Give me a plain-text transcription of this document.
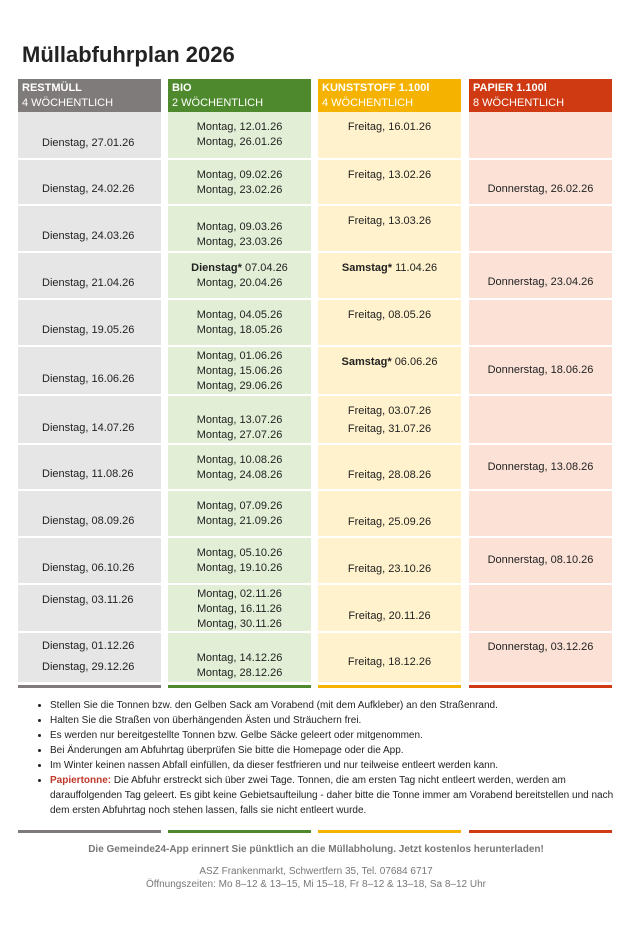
Müllabfuhrplan 2026
RESTMÜLL
4 WÖCHENTLICH
Dienstag, 27.01.26
Dienstag, 24.02.26
Dienstag, 24.03.26
Dienstag, 21.04.26
Dienstag, 19.05.26
Dienstag, 16.06.26
Dienstag, 14.07.26
Dienstag, 11.08.26
Dienstag, 08.09.26
Dienstag, 06.10.26
Dienstag, 03.11.26
Dienstag, 01.12.26
Dienstag, 29.12.26
BIO
2 WÖCHENTLICH
Montag, 12.01.26
Montag, 26.01.26
Montag, 09.02.26
Montag, 23.02.26
Montag, 09.03.26
Montag, 23.03.26
Dienstag* 07.04.26
Montag, 20.04.26
Montag, 04.05.26
Montag, 18.05.26
Montag, 01.06.26
Montag, 15.06.26
Montag, 29.06.26
Montag, 13.07.26
Montag, 27.07.26
Montag, 10.08.26
Montag, 24.08.26
Montag, 07.09.26
Montag, 21.09.26
Montag, 05.10.26
Montag, 19.10.26
Montag, 02.11.26
Montag, 16.11.26
Montag, 30.11.26
Montag, 14.12.26
Montag, 28.12.26
KUNSTSTOFF 1.100l
4 WÖCHENTLICH
Freitag, 16.01.26
Freitag, 13.02.26
Freitag, 13.03.26
Samstag* 11.04.26
Freitag, 08.05.26
Samstag* 06.06.26
Freitag, 03.07.26
Freitag, 31.07.26
Freitag, 28.08.26
Freitag, 25.09.26
Freitag, 23.10.26
Freitag, 20.11.26
Freitag, 18.12.26
PAPIER 1.100l
8 WÖCHENTLICH
Donnerstag, 26.02.26
Donnerstag, 23.04.26
Donnerstag, 18.06.26
Donnerstag, 13.08.26
Donnerstag, 08.10.26
Donnerstag, 03.12.26
• Stellen Sie die Tonnen bzw. den Gelben Sack am Vorabend (mit dem Aufkleber) an den Straßenrand.
• Halten Sie die Straßen von überhängenden Ästen und Sträuchern frei.
• Es werden nur bereitgestellte Tonnen bzw. Gelbe Säcke geleert oder mitgenommen.
• Bei Änderungen am Abfuhrtag überprüfen Sie bitte die Homepage oder die App.
• Im Winter keinen nassen Abfall einfüllen, da dieser festfrieren und nur teilweise entleert werden kann.
• Papiertonne: Die Abfuhr erstreckt sich über zwei Tage. Tonnen, die am ersten Tag nicht entleert werden, werden am darauffolgenden Tag geleert. Es gibt keine Gebietsaufteilung - daher bitte die Tonne immer am Vorabend bereitstellen und nach dem ersten Abfuhrtag noch stehen lassen, falls sie nicht entleert wurde.
Die Gemeinde24-App erinnert Sie pünktlich an die Müllabholung. Jetzt kostenlos herunterladen!
ASZ Frankenmarkt, Schwertfern 35, Tel. 07684 6717
Öffnungszeiten: Mo 8–12 & 13–15, Mi 15–18, Fr 8–12 & 13–18, Sa 8–12 Uhr
